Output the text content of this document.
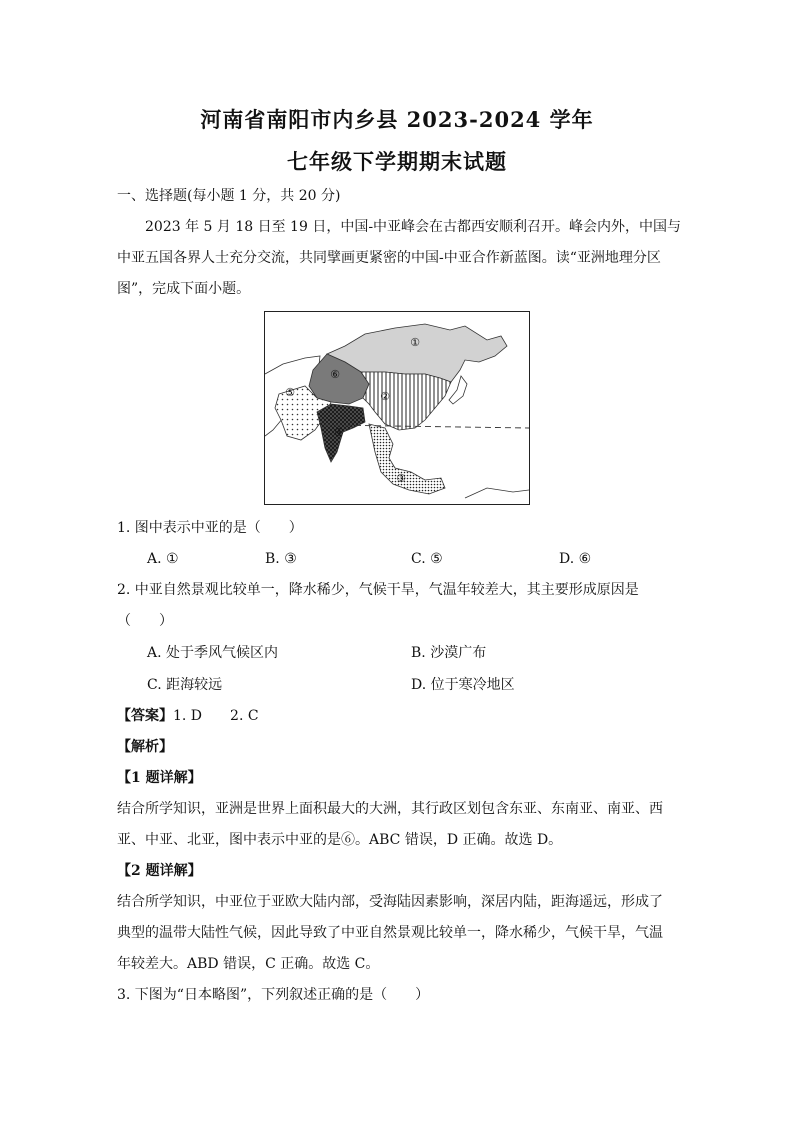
河南省南阳市内乡县 2023-2024 学年
七年级下学期期末试题
一、选择题(每小题 1 分，共 20 分)
2023 年 5 月 18 日至 19 日，中国-中亚峰会在古都西安顺利召开。峰会内外，中国与
中亚五国各界人士充分交流，共同擘画更紧密的中国-中亚合作新蓝图。读“亚洲地理分区
图”，完成下面小题。
①
②
③
④
⑤
⑥
1. 图中表示中亚的是（　　）
A. ①	B. ③	C. ⑤	D. ⑥
2. 中亚自然景观比较单一，降水稀少，气候干旱，气温年较差大，其主要形成原因是
（　　）
A. 处于季风气候区内	B. 沙漠广布
C. 距海较远	D. 位于寒冷地区
【答案】1. D　　2. C
【解析】
【1 题详解】
结合所学知识，亚洲是世界上面积最大的大洲，其行政区划包含东亚、东南亚、南亚、西
亚、中亚、北亚，图中表示中亚的是⑥。ABC 错误，D 正确。故选 D。
【2 题详解】
结合所学知识，中亚位于亚欧大陆内部，受海陆因素影响，深居内陆，距海遥远，形成了
典型的温带大陆性气候，因此导致了中亚自然景观比较单一，降水稀少，气候干旱，气温
年较差大。ABD 错误，C 正确。故选 C。
3. 下图为“日本略图”，下列叙述正确的是（　　）
